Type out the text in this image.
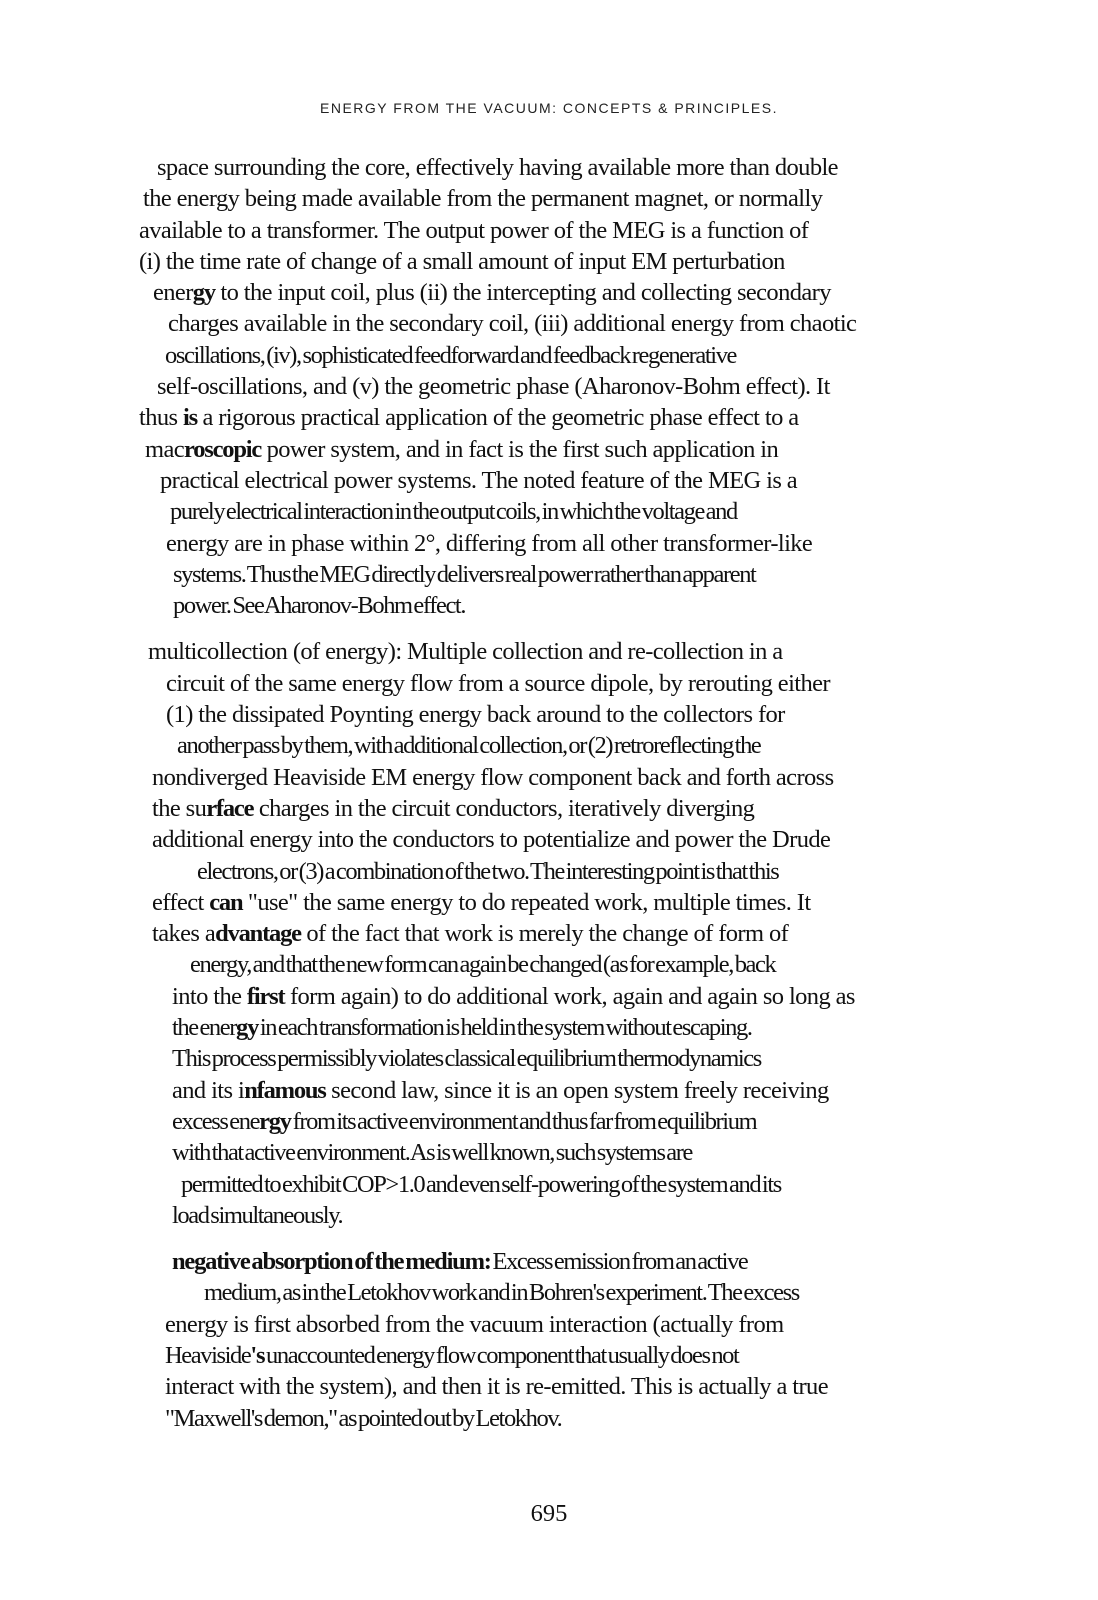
ENERGY FROM THE VACUUM: CONCEPTS & PRINCIPLES.
space surrounding the core, effectively having available more than double
the energy being made available from the permanent magnet, or normally
available to a transformer. The output power of the MEG is a function of
(i) the time rate of change of a small amount of input EM perturbation
energy to the input coil, plus (ii) the intercepting and collecting secondary
charges available in the secondary coil, (iii) additional energy from chaotic
oscillations, (iv), sophisticated feedforward and feedback regenerative
self-oscillations, and (v) the geometric phase (Aharonov-Bohm effect). It
thus is a rigorous practical application of the geometric phase effect to a
macroscopic power system, and in fact is the first such application in
practical electrical power systems. The noted feature of the MEG is a
purely electrical interaction in the output coils, in which the voltage and
energy are in phase within 2°, differing from all other transformer-like
systems. Thus the MEG directly delivers real power rather than apparent
power. See Aharonov-Bohm effect.
multicollection (of energy): Multiple collection and re-collection in a
circuit of the same energy flow from a source dipole, by rerouting either
(1) the dissipated Poynting energy back around to the collectors for
another pass by them, with additional collection, or (2) retroreflecting the
nondiverged Heaviside EM energy flow component back and forth across
the surface charges in the circuit conductors, iteratively diverging
additional energy into the conductors to potentialize and power the Drude
electrons, or (3) a combination of the two. The interesting point is that this
effect can "use" the same energy to do repeated work, multiple times. It
takes advantage of the fact that work is merely the change of form of
energy, and that the new form can again be changed (as for example, back
into the first form again) to do additional work, again and again so long as
the energy in each transformation is held in the system without escaping.
This process permissibly violates classical equilibrium thermodynamics
and its infamous second law, since it is an open system freely receiving
excess energy from its active environment and thus far from equilibrium
with that active environment. As is well known, such systems are
permitted to exhibit COP>1.0 and even self-powering of the system and its
load simultaneously.
negative absorption of the medium: Excess emission from an active
medium, as in the Letokhov work and in Bohren's experiment. The excess
energy is first absorbed from the vacuum interaction (actually from
Heaviside's unaccounted energy flow component that usually does not
interact with the system), and then it is re-emitted. This is actually a true
"Maxwell's demon," as pointed out by Letokhov.
695
